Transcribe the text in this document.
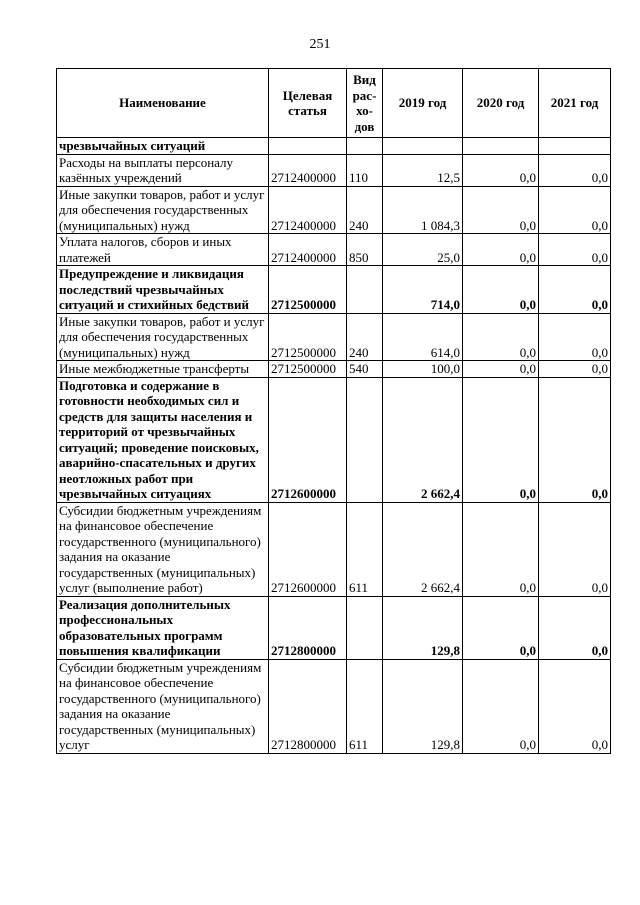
251
Наименование	Целевая статья	Вид рас- хо- дов	2019 год	2020 год	2021 год
чрезвычайных ситуаций					
Расходы на выплаты персоналу казённых учреждений	2712400000	110	12,5	0,0	0,0
Иные закупки товаров, работ и услуг для обеспечения государственных (муниципальных) нужд	2712400000	240	1 084,3	0,0	0,0
Уплата налогов, сборов и иных платежей	2712400000	850	25,0	0,0	0,0
Предупреждение и ликвидация последствий чрезвычайных ситуаций и стихийных бедствий	2712500000		714,0	0,0	0,0
Иные закупки товаров, работ и услуг для обеспечения государственных (муниципальных) нужд	2712500000	240	614,0	0,0	0,0
Иные межбюджетные трансферты	2712500000	540	100,0	0,0	0,0
Подготовка и содержание в готовности необходимых сил и средств для защиты населения и территорий от чрезвычайных ситуаций; проведение поисковых, аварийно-спасательных и других неотложных работ при чрезвычайных ситуациях	2712600000		2 662,4	0,0	0,0
Субсидии бюджетным учреждениям на финансовое обеспечение государственного (муниципального) задания на оказание государственных (муниципальных) услуг (выполнение работ)	2712600000	611	2 662,4	0,0	0,0
Реализация дополнительных профессиональных образовательных программ повышения квалификации	2712800000		129,8	0,0	0,0
Субсидии бюджетным учреждениям на финансовое обеспечение государственного (муниципального) задания на оказание государственных (муниципальных) услуг	2712800000	611	129,8	0,0	0,0
